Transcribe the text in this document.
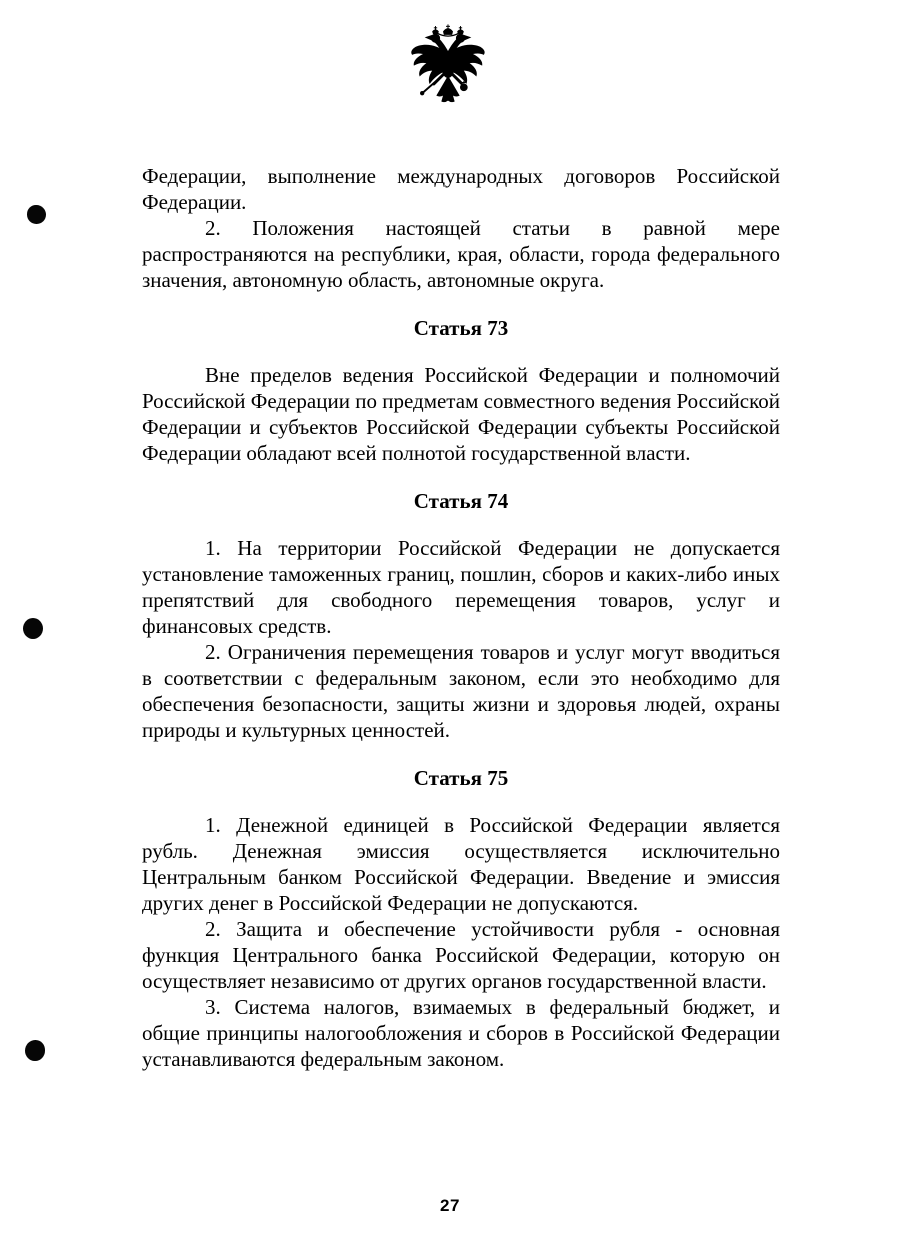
Федерации, выполнение международных договоров Российской Федерации.

2. Положения настоящей статьи в равной мере распространяются на республики, края, области, города федерального значения, автономную область, автономные округа.

Статья 73

Вне пределов ведения Российской Федерации и полномочий Российской Федерации по предметам совместного ведения Российской Федерации и субъектов Российской Федерации субъекты Российской Федерации обладают всей полнотой государственной власти.

Статья 74

1. На территории Российской Федерации не допускается установление таможенных границ, пошлин, сборов и каких-либо иных препятствий для свободного перемещения товаров, услуг и финансовых средств.

2. Ограничения перемещения товаров и услуг могут вводиться в соответствии с федеральным законом, если это необходимо для обеспечения безопасности, защиты жизни и здоровья людей, охраны природы и культурных ценностей.

Статья 75

1. Денежной единицей в Российской Федерации является рубль. Денежная эмиссия осуществляется исключительно Центральным банком Российской Федерации. Введение и эмиссия других денег в Российской Федерации не допускаются.

2. Защита и обеспечение устойчивости рубля - основная функция Центрального банка Российской Федерации, которую он осуществляет независимо от других органов государственной власти.

3. Система налогов, взимаемых в федеральный бюджет, и общие принципы налогообложения и сборов в Российской Федерации устанавливаются федеральным законом.

27
